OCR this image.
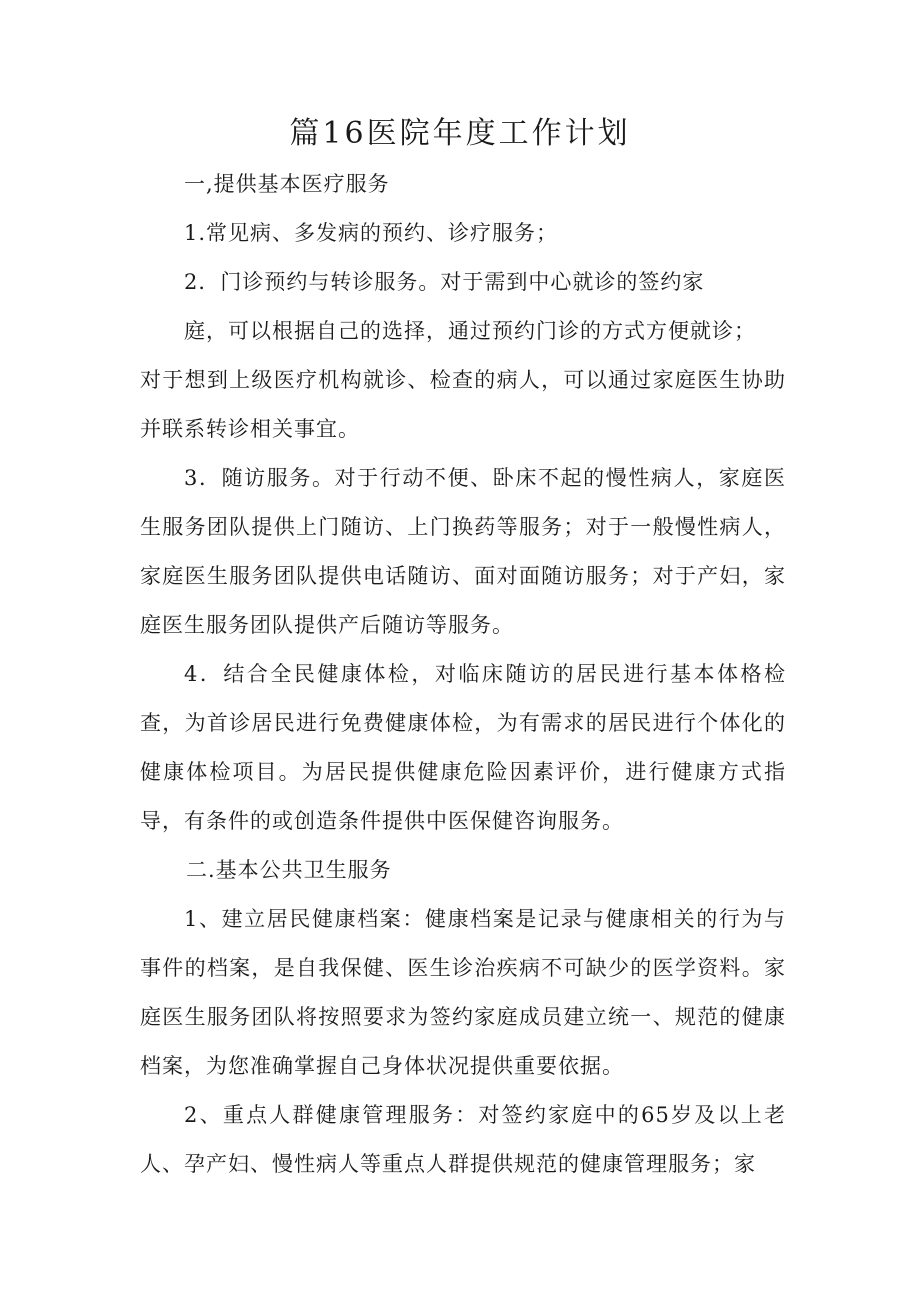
篇16医院年度工作计划

一,提供基本医疗服务

1.常见病、多发病的预约、诊疗服务；

2．门诊预约与转诊服务。对于需到中心就诊的签约家

庭，可以根据自己的选择，通过预约门诊的方式方便就诊；

对于想到上级医疗机构就诊、检查的病人，可以通过家庭医生协助并联系转诊相关事宜。

3．随访服务。对于行动不便、卧床不起的慢性病人，家庭医生服务团队提供上门随访、上门换药等服务；对于一般慢性病人，家庭医生服务团队提供电话随访、面对面随访服务；对于产妇，家庭医生服务团队提供产后随访等服务。

4．结合全民健康体检，对临床随访的居民进行基本体格检查，为首诊居民进行免费健康体检，为有需求的居民进行个体化的健康体检项目。为居民提供健康危险因素评价，进行健康方式指导，有条件的或创造条件提供中医保健咨询服务。

二.基本公共卫生服务

1、建立居民健康档案：健康档案是记录与健康相关的行为与事件的档案，是自我保健、医生诊治疾病不可缺少的医学资料。家庭医生服务团队将按照要求为签约家庭成员建立统一、规范的健康档案，为您准确掌握自己身体状况提供重要依据。

2、重点人群健康管理服务：对签约家庭中的65岁及以上老人、孕产妇、慢性病人等重点人群提供规范的健康管理服务；家
